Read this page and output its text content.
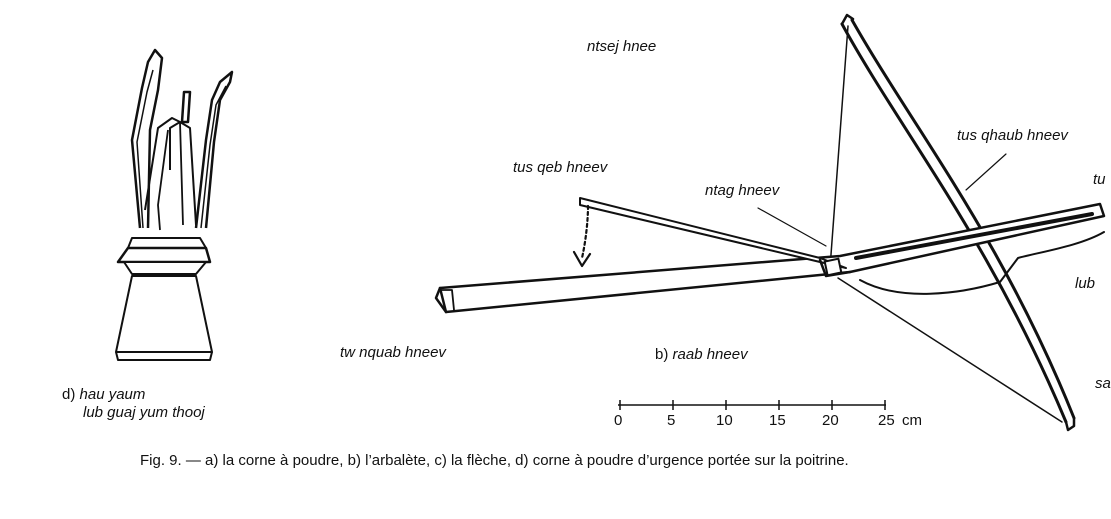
d) hau yaum
lub guaj yum thooj
ntsej hnee
tus qeb hneev
ntag hneev
tus qhaub hneev
tu
lub
sa
tw nquab hneev	b) raab hneev
0	5	10 15 20	25 cm
Fig. 9. — a) la corne à poudre, b) l’arbalète, c) la flèche, d) corne à poudre d’urgence portée sur la poitrine.
